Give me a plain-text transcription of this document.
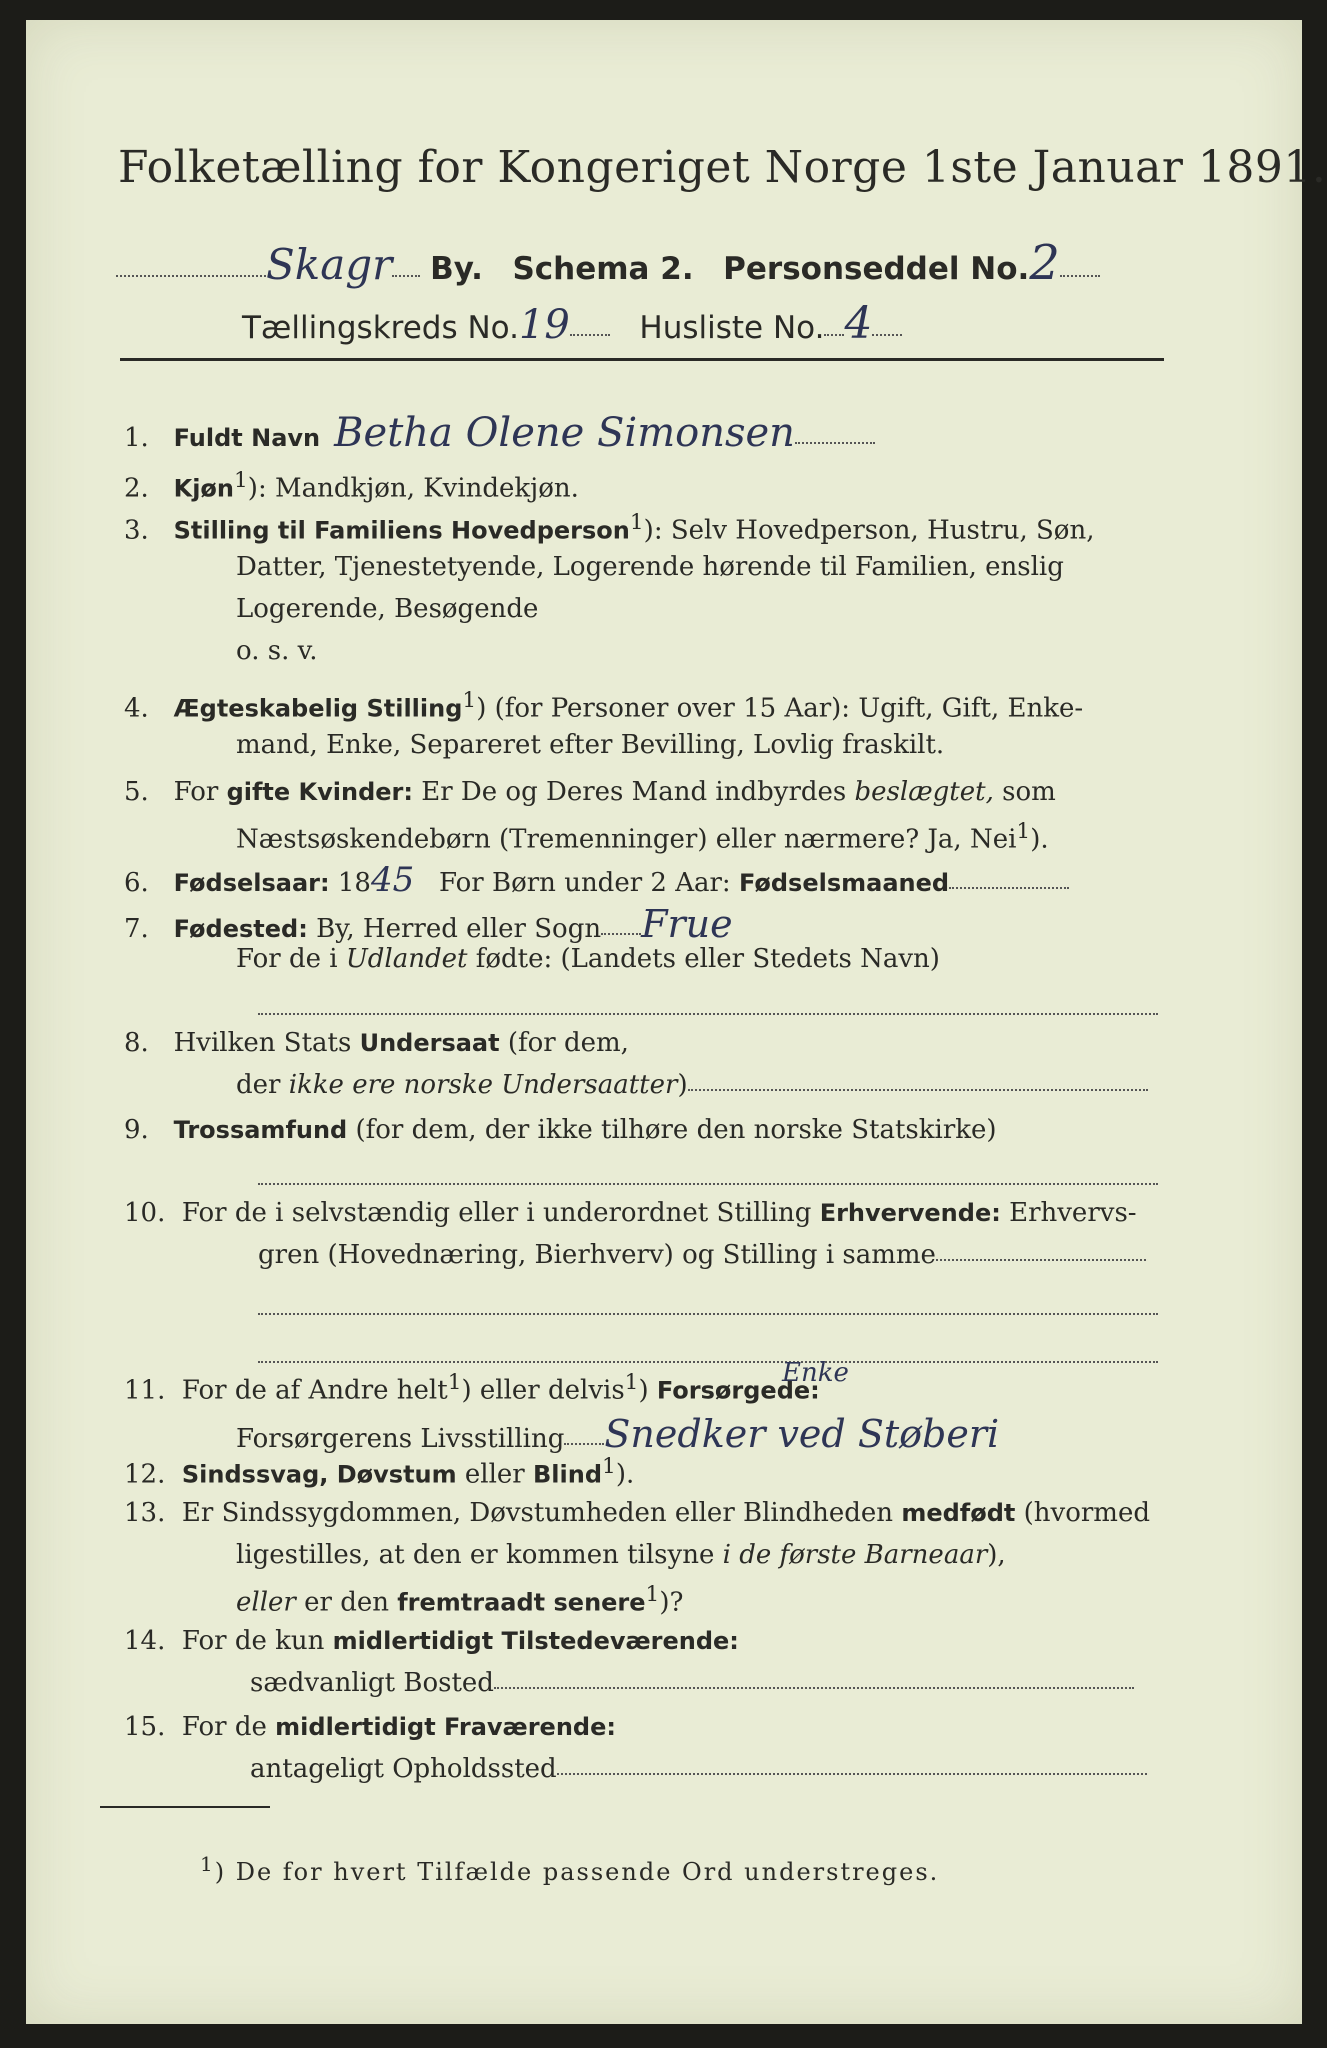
Folketælling for Kongeriget Norge 1ste Januar 1891.
Skagr By. Schema 2. Personseddel No.2
Tællingskreds No.19 Husliste No. 4
1. Fuldt Navn Betha Olene Simonsen
2. Kjøn$^1$): Mandkjøn, Kvindekjøn.
3. Stilling til Familiens Hovedperson$^1$): Selv Hovedperson, Hustru, Søn,
Datter, Tjenestetyende, Logerende hørende til Familien, enslig
Logerende, Besøgende
o. s. v.
4. Ægteskabelig Stilling$^1$) (for Personer over 15 Aar): Ugift, Gift, Enke-
mand, Enke, Separeret efter Bevilling, Lovlig fraskilt.
5. For gifte Kvinder: Er De og Deres Mand indbyrdes beslægtet, som
Næstsøskendebørn (Tremenninger) eller nærmere? Ja, Nei$^1$).
6. Fødselsaar: 1845 For Børn under 2 Aar: Fødselsmaaned
7. Fødested: By, Herred eller Sogn Frue
For de i Udlandet fødte: (Landets eller Stedets Navn)
8. Hvilken Stats Undersaat (for dem,
der ikke ere norske Undersaatter)
9. Trossamfund (for dem, der ikke tilhøre den norske Statskirke)
10. For de i selvstændig eller i underordnet Stilling Erhvervende: Erhvervs-
gren (Hovednæring, Bierhverv) og Stilling i samme
11. For de af Andre helt$^1$) eller delvis$^1$) Forsørgede:
Enke
Forsørgerens Livsstilling Snedker ved Støberi
12. Sindssvag, Døvstum eller Blind$^1$).
13. Er Sindssygdommen, Døvstumheden eller Blindheden medfødt (hvormed
ligestilles, at den er kommen tilsyne i de første Barneaar),
eller er den fremtraadt senere$^1$)?
14. For de kun midlertidigt Tilstedeværende:
sædvanligt Bosted
15. For de midlertidigt Fraværende:
antageligt Opholdssted
$^1$) De for hvert Tilfælde passende Ord understreges.
